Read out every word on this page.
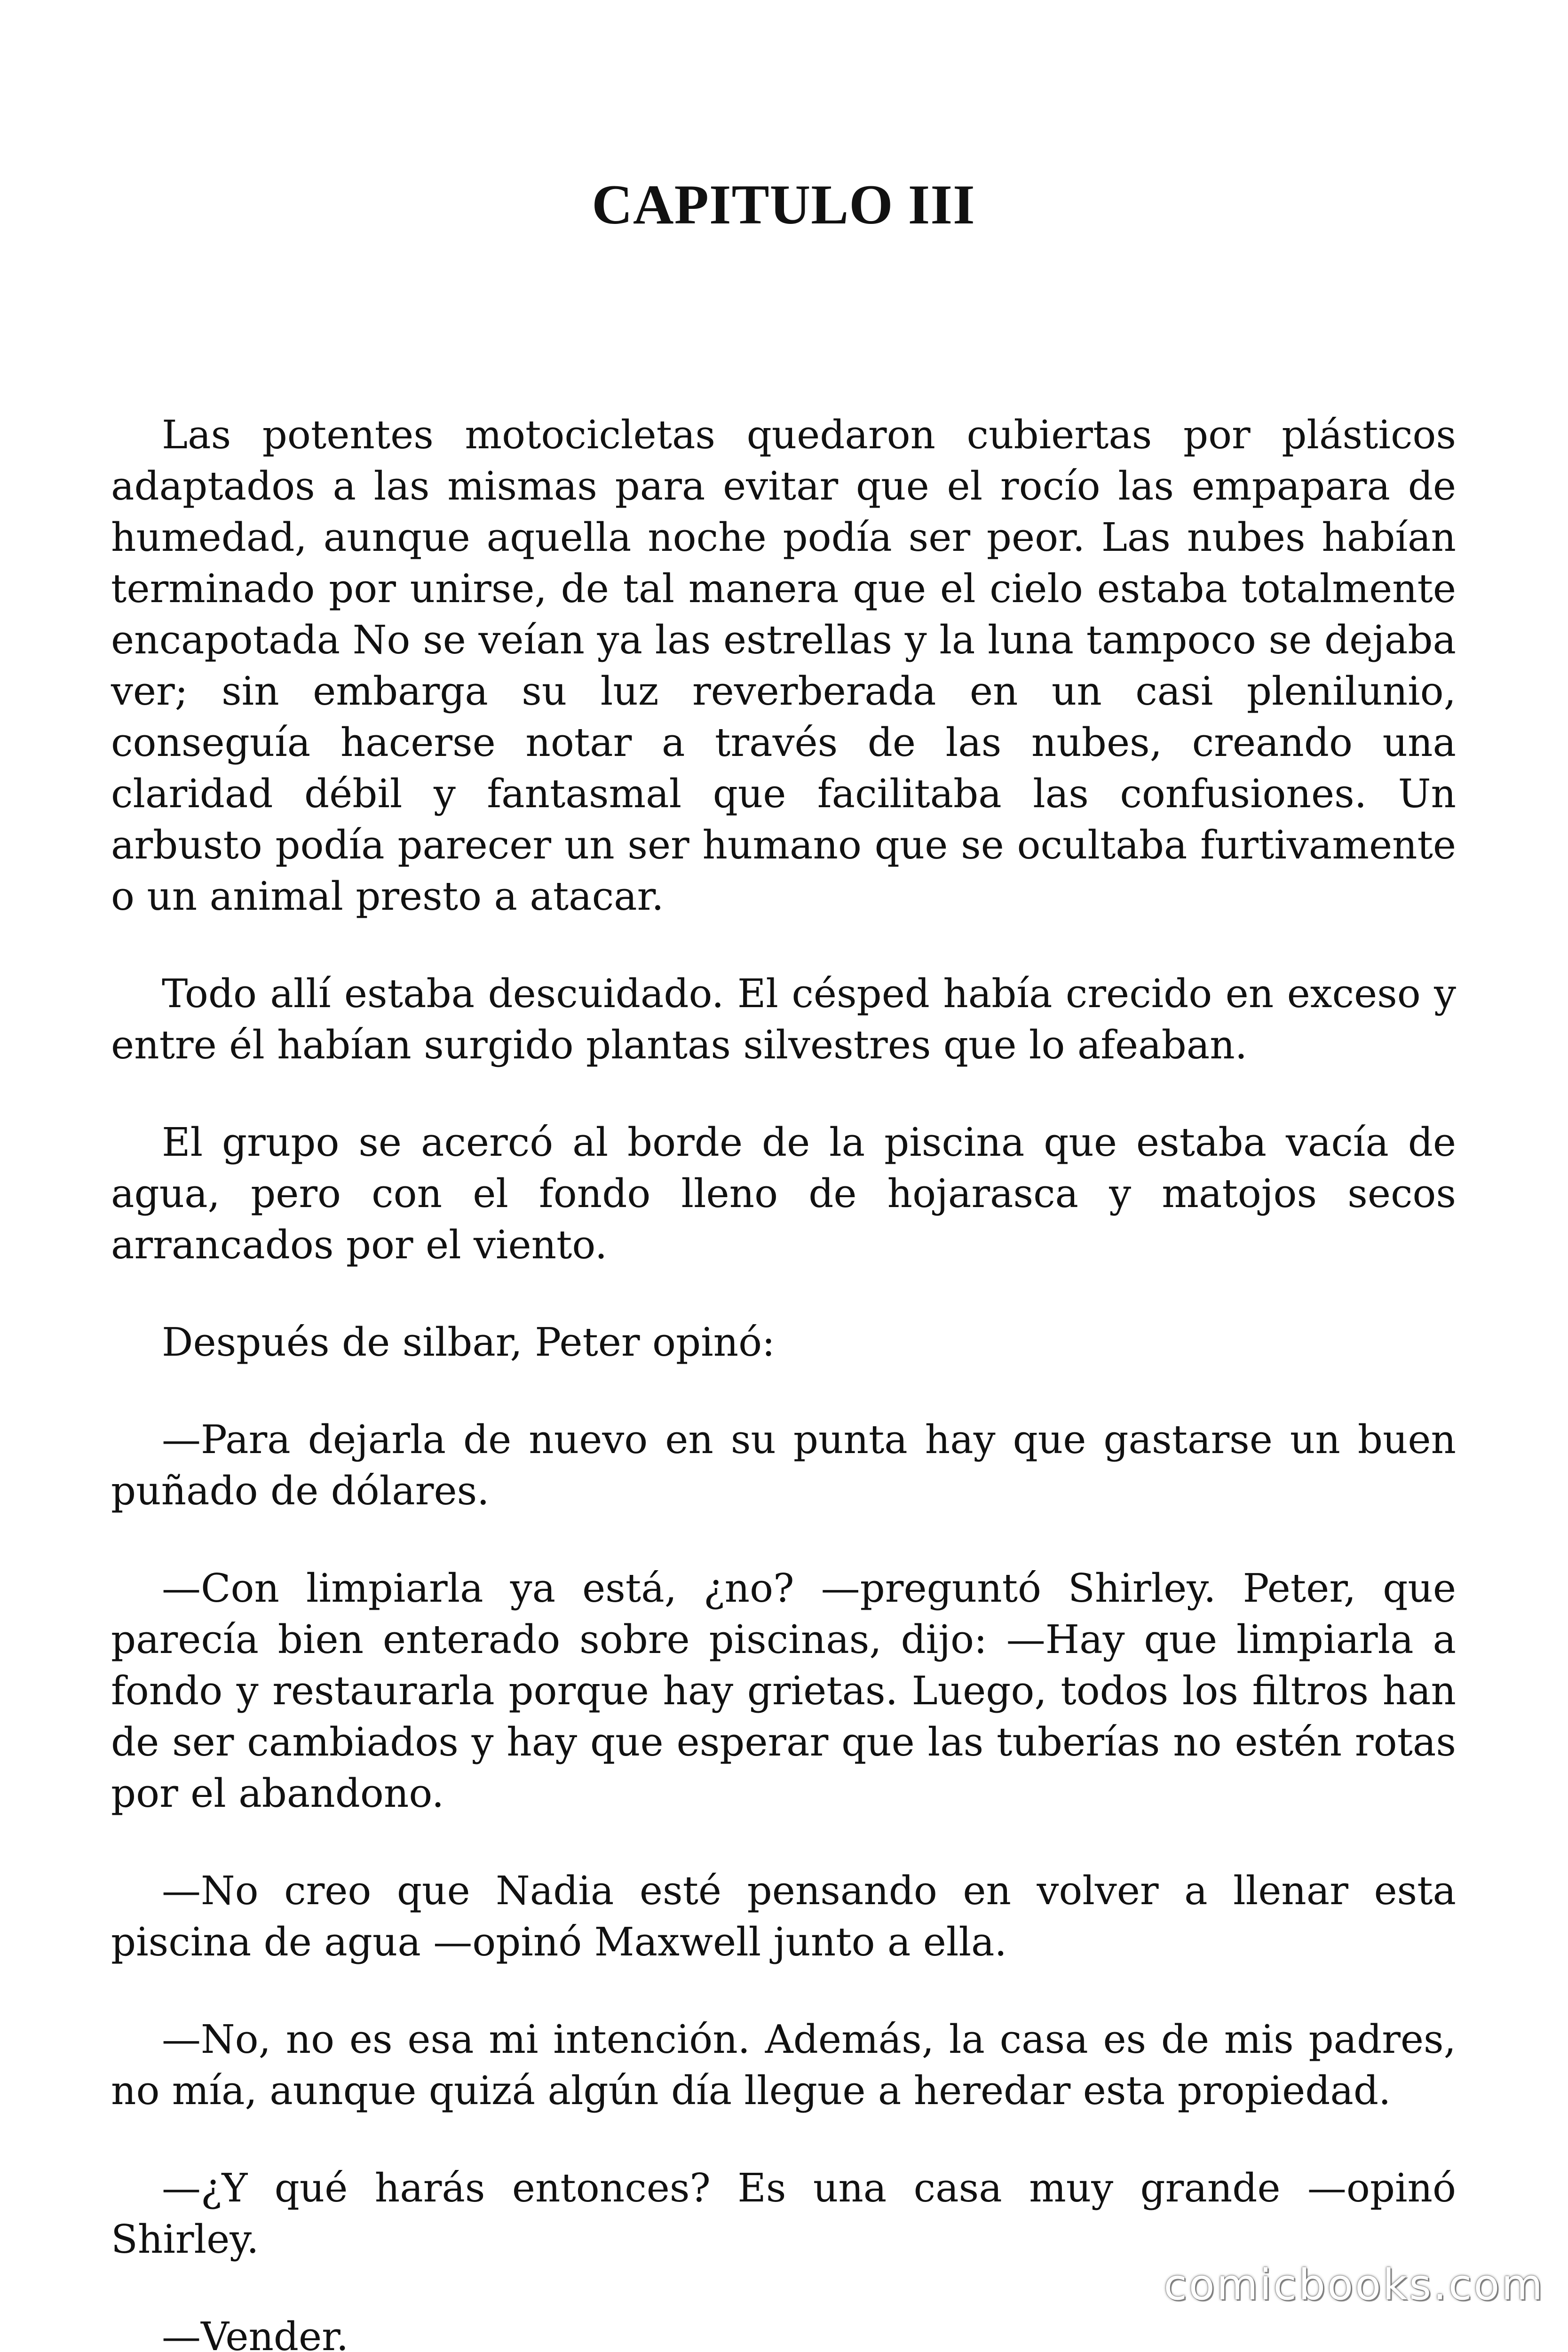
CAPITULO III

Las potentes motocicletas quedaron cubiertas por plásticos adaptados a las mismas para evitar que el rocío las empapara de humedad, aunque aquella noche podía ser peor. Las nubes habían terminado por unirse, de tal manera que el cielo estaba totalmente encapotada No se veían ya las estrellas y la luna tampoco se dejaba ver; sin embarga su luz reverberada en un casi plenilunio, conseguía hacerse notar a través de las nubes, creando una claridad débil y fantasmal que facilitaba las confusiones. Un arbusto podía parecer un ser humano que se ocultaba furtivamente o un animal presto a atacar.

Todo allí estaba descuidado. El césped había crecido en exceso y entre él habían surgido plantas silvestres que lo afeaban.

El grupo se acercó al borde de la piscina que estaba vacía de agua, pero con el fondo lleno de hojarasca y matojos secos arrancados por el viento.

Después de silbar, Peter opinó:

—Para dejarla de nuevo en su punta hay que gastarse un buen puñado de dólares.

—Con limpiarla ya está, ¿no? —preguntó Shirley. Peter, que parecía bien enterado sobre piscinas, dijo: —Hay que limpiarla a fondo y restaurarla porque hay grietas. Luego, todos los filtros han de ser cambiados y hay que esperar que las tuberías no estén rotas por el abandono.

—No creo que Nadia esté pensando en volver a llenar esta piscina de agua —opinó Maxwell junto a ella.

—No, no es esa mi intención. Además, la casa es de mis padres, no mía, aunque quizá algún día llegue a heredar esta propiedad.

—¿Y qué harás entonces? Es una casa muy grande —opinó Shirley.

—Vender.

comicbooks.com
